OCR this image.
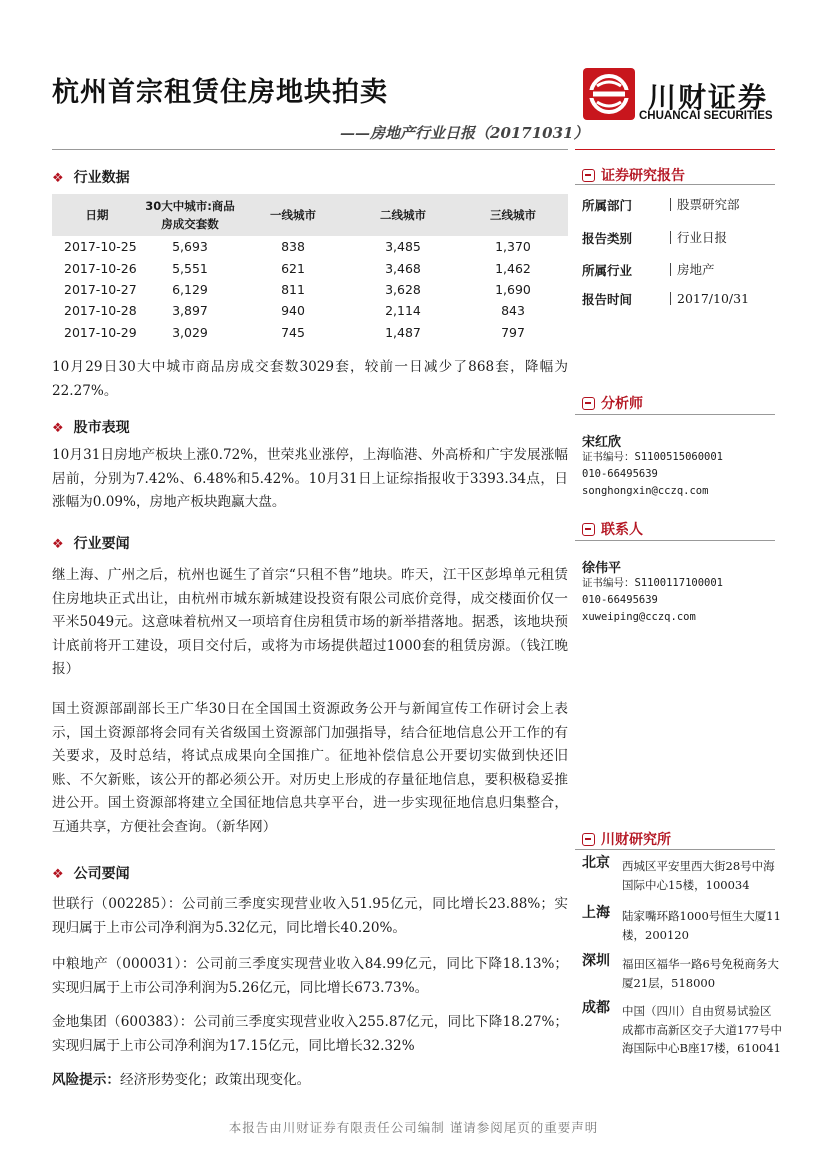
杭州首宗租赁住房地块拍卖
——房地产行业日报（20171031）
川财证券
CHUANCAI SECURITIES
❖ 行业数据
日期	30大中城市:商品房成交套数	一线城市	二线城市	三线城市
2017-10-25	5,693	838	3,485	1,370
2017-10-26	5,551	621	3,468	1,462
2017-10-27	6,129	811	3,628	1,690
2017-10-28	3,897	940	2,114	843
2017-10-29	3,029	745	1,487	797
10月29日30大中城市商品房成交套数3029套，较前一日减少了868套，降幅为22.27%。
❖ 股市表现
10月31日房地产板块上涨0.72%，世荣兆业涨停，上海临港、外高桥和广宇发展涨幅居前，分别为7.42%、6.48%和5.42%。10月31日上证综指报收于3393.34点，日涨幅为0.09%，房地产板块跑赢大盘。
❖ 行业要闻
继上海、广州之后，杭州也诞生了首宗“只租不售”地块。昨天，江干区彭埠单元租赁住房地块正式出让，由杭州市城东新城建设投资有限公司底价竞得，成交楼面价仅一平米5049元。这意味着杭州又一项培育住房租赁市场的新举措落地。据悉，该地块预计底前将开工建设，项目交付后，或将为市场提供超过1000套的租赁房源。（钱江晚报）
国土资源部副部长王广华30日在全国国土资源政务公开与新闻宣传工作研讨会上表示，国土资源部将会同有关省级国土资源部门加强指导，结合征地信息公开工作的有关要求，及时总结，将试点成果向全国推广。征地补偿信息公开要切实做到快还旧账、不欠新账，该公开的都必须公开。对历史上形成的存量征地信息，要积极稳妥推进公开。国土资源部将建立全国征地信息共享平台，进一步实现征地信息归集整合，互通共享，方便社会查询。（新华网）
❖ 公司要闻
世联行（002285）：公司前三季度实现营业收入51.95亿元，同比增长23.88%；实现归属于上市公司净利润为5.32亿元，同比增长40.20%。
中粮地产（000031）：公司前三季度实现营业收入84.99亿元，同比下降18.13%；实现归属于上市公司净利润为5.26亿元，同比增长673.73%。
金地集团（600383）：公司前三季度实现营业收入255.87亿元，同比下降18.27%；实现归属于上市公司净利润为17.15亿元，同比增长32.32%
风险提示：经济形势变化；政策出现变化。
证券研究报告
所属部门	股票研究部
报告类别	行业日报
所属行业	房地产
报告时间	2017/10/31
分析师
宋红欣
证书编号：S1100515060001
010-66495639
songhongxin@cczq.com
联系人
徐伟平
证书编号：S1100117100001
010-66495639
xuweiping@cczq.com
川财研究所
北京 西城区平安里西大街28号中海国际中心15楼，100034
上海 陆家嘴环路1000号恒生大厦11楼，200120
深圳 福田区福华一路6号免税商务大厦21层，518000
成都 中国（四川）自由贸易试验区成都市高新区交子大道177号中海国际中心B座17楼，610041
本报告由川财证券有限责任公司编制 谨请参阅尾页的重要声明
